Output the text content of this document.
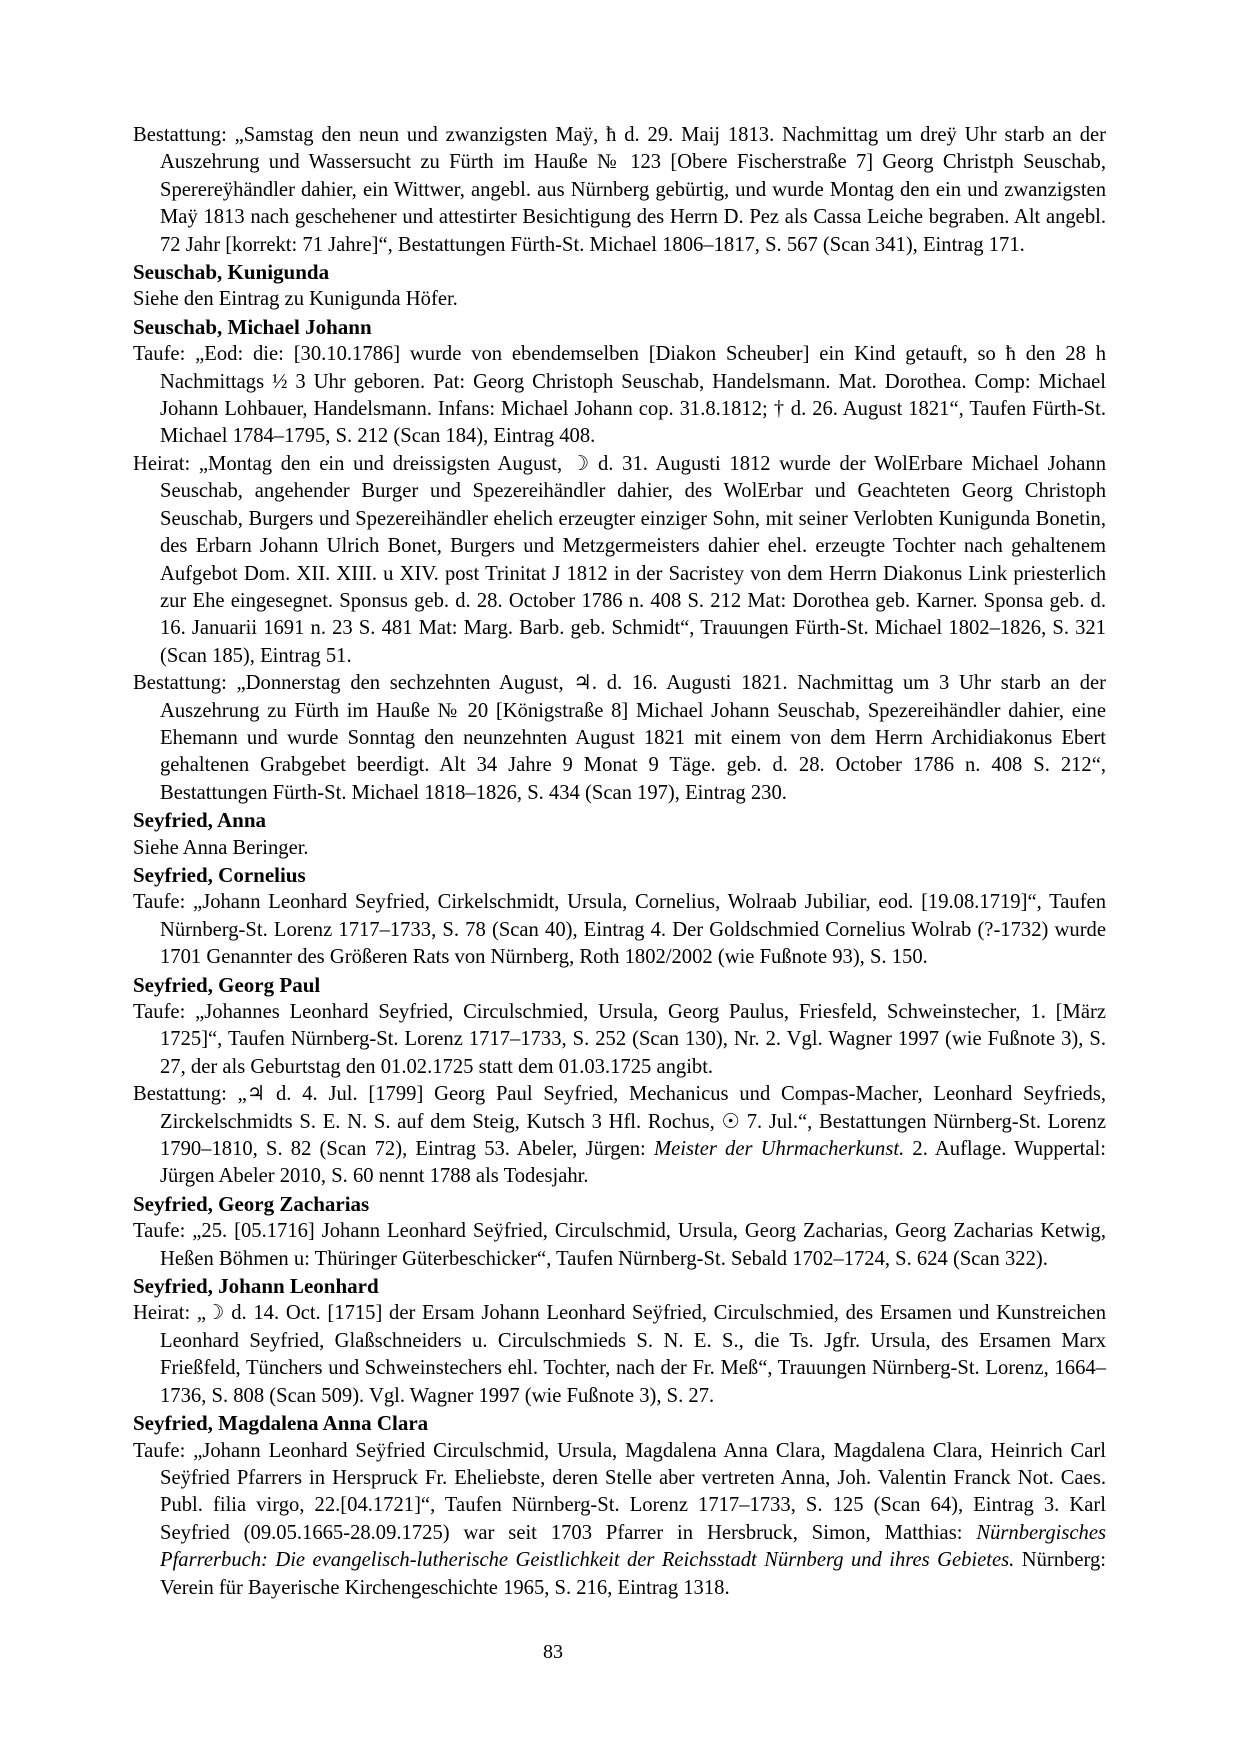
Bestattung: „Samstag den neun und zwanzigsten Maÿ, ħ d. 29. Maij 1813. Nachmittag um dreÿ Uhr starb an der Auszehrung und Wassersucht zu Fürth im Hauße № 123 [Obere Fischerstraße 7] Georg Christph Seuschab, Sperereÿhändler dahier, ein Wittwer, angebl. aus Nürnberg gebürtig, und wurde Montag den ein und zwanzigsten Maÿ 1813 nach geschehener und attestirter Besichtigung des Herrn D. Pez als Cassa Leiche begraben. Alt angebl. 72 Jahr [korrekt: 71 Jahre]“, Bestattungen Fürth-St. Michael 1806–1817, S. 567 (Scan 341), Eintrag 171.
Seuschab, Kunigunda
Siehe den Eintrag zu Kunigunda Höfer.
Seuschab, Michael Johann
Taufe: „Eod: die: [30.10.1786] wurde von ebendemselben [Diakon Scheuber] ein Kind getauft, so ħ den 28 h Nachmittags ½ 3 Uhr geboren. Pat: Georg Christoph Seuschab, Handelsmann. Mat. Dorothea. Comp: Michael Johann Lohbauer, Handelsmann. Infans: Michael Johann cop. 31.8.1812; † d. 26. August 1821“, Taufen Fürth-St. Michael 1784–1795, S. 212 (Scan 184), Eintrag 408.
Heirat: „Montag den ein und dreissigsten August, ☽ d. 31. Augusti 1812 wurde der WolErbare Michael Johann Seuschab, angehender Burger und Spezereihändler dahier, des WolErbar und Geachteten Georg Christoph Seuschab, Burgers und Spezereihändler ehelich erzeugter einziger Sohn, mit seiner Verlobten Kunigunda Bonetin, des Erbarn Johann Ulrich Bonet, Burgers und Metzgermeisters dahier ehel. erzeugte Tochter nach gehaltenem Aufgebot Dom. XII. XIII. u XIV. post Trinitat J 1812 in der Sacristey von dem Herrn Diakonus Link priesterlich zur Ehe eingesegnet. Sponsus geb. d. 28. October 1786 n. 408 S. 212 Mat: Dorothea geb. Karner. Sponsa geb. d. 16. Januarii 1691 n. 23 S. 481 Mat: Marg. Barb. geb. Schmidt“, Trauungen Fürth-St. Michael 1802–1826, S. 321 (Scan 185), Eintrag 51.
Bestattung: „Donnerstag den sechzehnten August, ♃. d. 16. Augusti 1821. Nachmittag um 3 Uhr starb an der Auszehrung zu Fürth im Hauße № 20 [Königstraße 8] Michael Johann Seuschab, Spezereihändler dahier, eine Ehemann und wurde Sonntag den neunzehnten August 1821 mit einem von dem Herrn Archidiakonus Ebert gehaltenen Grabgebet beerdigt. Alt 34 Jahre 9 Monat 9 Täge. geb. d. 28. October 1786 n. 408 S. 212“, Bestattungen Fürth-St. Michael 1818–1826, S. 434 (Scan 197), Eintrag 230.
Seyfried, Anna
Siehe Anna Beringer.
Seyfried, Cornelius
Taufe: „Johann Leonhard Seyfried, Cirkelschmidt, Ursula, Cornelius, Wolraab Jubiliar, eod. [19.08.1719]“, Taufen Nürnberg-St. Lorenz 1717–1733, S. 78 (Scan 40), Eintrag 4. Der Goldschmied Cornelius Wolrab (?-1732) wurde 1701 Genannter des Größeren Rats von Nürnberg, Roth 1802/2002 (wie Fußnote 93), S. 150.
Seyfried, Georg Paul
Taufe: „Johannes Leonhard Seyfried, Circulschmied, Ursula, Georg Paulus, Friesfeld, Schweinstecher, 1. [März 1725]“, Taufen Nürnberg-St. Lorenz 1717–1733, S. 252 (Scan 130), Nr. 2. Vgl. Wagner 1997 (wie Fußnote 3), S. 27, der als Geburtstag den 01.02.1725 statt dem 01.03.1725 angibt.
Bestattung: „♃ d. 4. Jul. [1799] Georg Paul Seyfried, Mechanicus und Compas-Macher, Leonhard Seyfrieds, Zirckelschmidts S. E. N. S. auf dem Steig, Kutsch 3 Hfl. Rochus, ☉ 7. Jul.“, Bestattungen Nürnberg-St. Lorenz 1790–1810, S. 82 (Scan 72), Eintrag 53. Abeler, Jürgen: Meister der Uhrmacherkunst. 2. Auflage. Wuppertal: Jürgen Abeler 2010, S. 60 nennt 1788 als Todesjahr.
Seyfried, Georg Zacharias
Taufe: „25. [05.1716] Johann Leonhard Seÿfried, Circulschmid, Ursula, Georg Zacharias, Georg Zacharias Ketwig, Heßen Böhmen u: Thüringer Güterbeschicker“, Taufen Nürnberg-St. Sebald 1702–1724, S. 624 (Scan 322).
Seyfried, Johann Leonhard
Heirat: „☽ d. 14. Oct. [1715] der Ersam Johann Leonhard Seÿfried, Circulschmied, des Ersamen und Kunstreichen Leonhard Seyfried, Glaßschneiders u. Circulschmieds S. N. E. S., die Ts. Jgfr. Ursula, des Ersamen Marx Frießfeld, Tünchers und Schweinstechers ehl. Tochter, nach der Fr. Meß“, Trauungen Nürnberg-St. Lorenz, 1664–1736, S. 808 (Scan 509). Vgl. Wagner 1997 (wie Fußnote 3), S. 27.
Seyfried, Magdalena Anna Clara
Taufe: „Johann Leonhard Seÿfried Circulschmid, Ursula, Magdalena Anna Clara, Magdalena Clara, Heinrich Carl Seÿfried Pfarrers in Herspruck Fr. Eheliebste, deren Stelle aber vertreten Anna, Joh. Valentin Franck Not. Caes. Publ. filia virgo, 22.[04.1721]“, Taufen Nürnberg-St. Lorenz 1717–1733, S. 125 (Scan 64), Eintrag 3. Karl Seyfried (09.05.1665-28.09.1725) war seit 1703 Pfarrer in Hersbruck, Simon, Matthias: Nürnbergisches Pfarrerbuch: Die evangelisch-lutherische Geistlichkeit der Reichsstadt Nürnberg und ihres Gebietes. Nürnberg: Verein für Bayerische Kirchengeschichte 1965, S. 216, Eintrag 1318.
83
